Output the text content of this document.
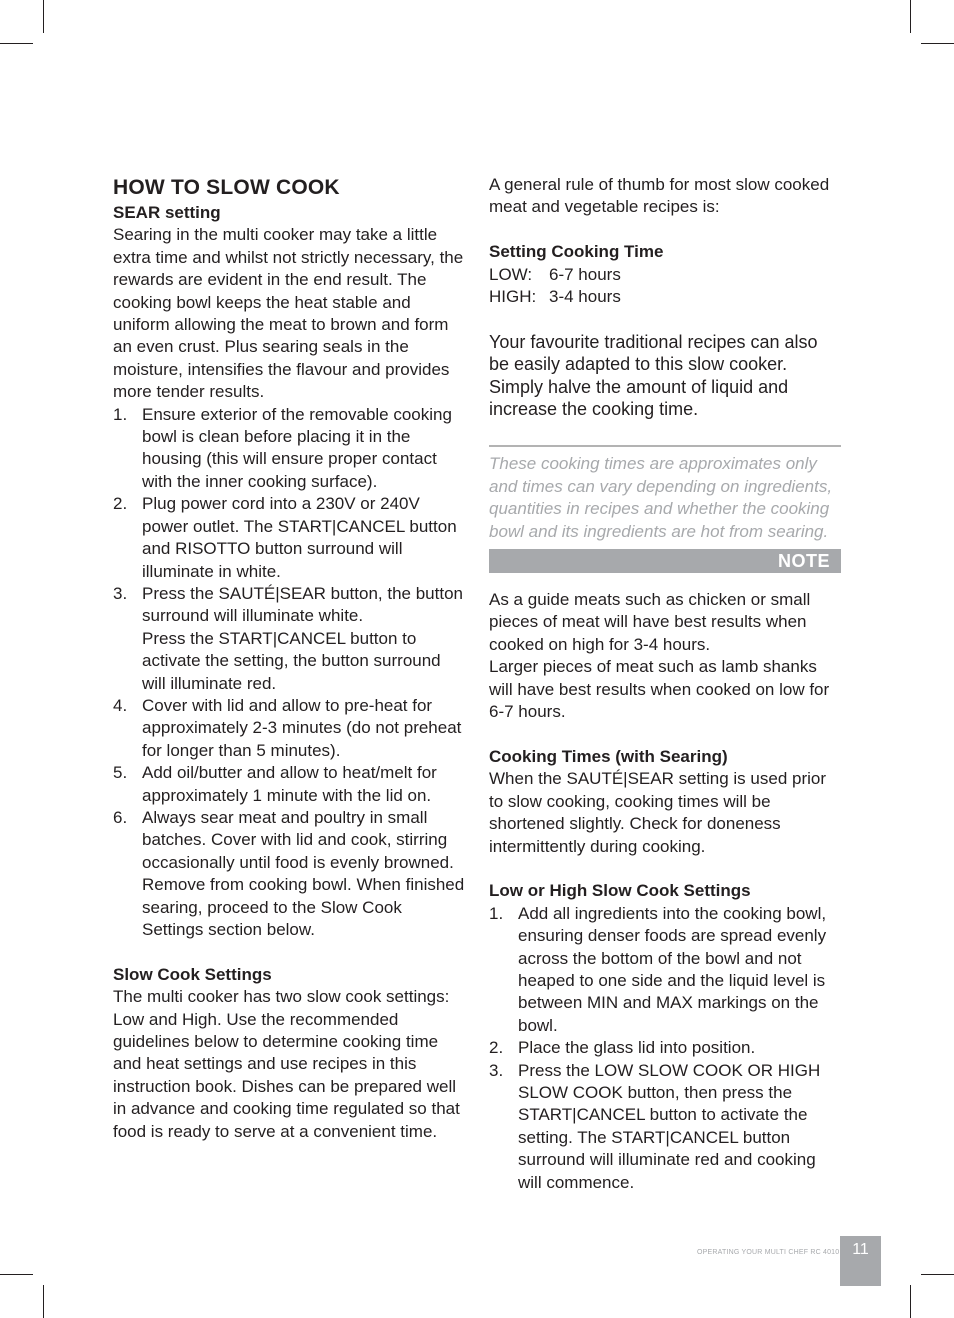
HOW TO SLOW COOK
SEAR setting

Searing in the multi cooker may take a little extra time and whilst not strictly necessary, the rewards are evident in the end result. The cooking bowl keeps the heat stable and uniform allowing the meat to brown and form an even crust. Plus searing seals in the moisture, intensifies the flavour and provides more tender results.

1. Ensure exterior of the removable cooking bowl is clean before placing it in the housing (this will ensure proper contact with the inner cooking surface).
2. Plug power cord into a 230V or 240V power outlet. The START|CANCEL button and RISOTTO button surround will illuminate in white.
3. Press the SAUTÉ|SEAR button, the button surround will illuminate white.
Press the START|CANCEL button to activate the setting, the button surround will illuminate red.
4. Cover with lid and allow to pre-heat for approximately 2-3 minutes (do not preheat for longer than 5 minutes).
5. Add oil/butter and allow to heat/melt for approximately 1 minute with the lid on.
6. Always sear meat and poultry in small batches. Cover with lid and cook, stirring occasionally until food is evenly browned. Remove from cooking bowl. When finished searing, proceed to the Slow Cook Settings section below.
Slow Cook Settings

The multi cooker has two slow cook settings: Low and High. Use the recommended guidelines below to determine cooking time and heat settings and use recipes in this instruction book. Dishes can be prepared well in advance and cooking time regulated so that food is ready to serve at a convenient time.

A general rule of thumb for most slow cooked meat and vegetable recipes is:

Setting Cooking Time
LOW: 6-7 hours
HIGH: 3-4 hours

Your favourite traditional recipes can also be easily adapted to this slow cooker. Simply halve the amount of liquid and increase the cooking time.

These cooking times are approximates only and times can vary depending on ingredients, quantities in recipes and whether the cooking bowl and its ingredients are hot from searing.

NOTE

As a guide meats such as chicken or small pieces of meat will have best results when cooked on high for 3-4 hours.

Larger pieces of meat such as lamb shanks will have best results when cooked on low for 6-7 hours.

Cooking Times (with Searing)

When the SAUTÉ|SEAR setting is used prior to slow cooking, cooking times will be shortened slightly. Check for doneness intermittently during cooking.

Low or High Slow Cook Settings
1. Add all ingredients into the cooking bowl, ensuring denser foods are spread evenly across the bottom of the bowl and not heaped to one side and the liquid level is between MIN and MAX markings on the bowl.
2. Place the glass lid into position.
3. Press the LOW SLOW COOK OR HIGH SLOW COOK button, then press the START|CANCEL button to activate the setting. The START|CANCEL button surround will illuminate red and cooking will commence.
OPERATING YOUR MULTI CHEF RC 4010 11
